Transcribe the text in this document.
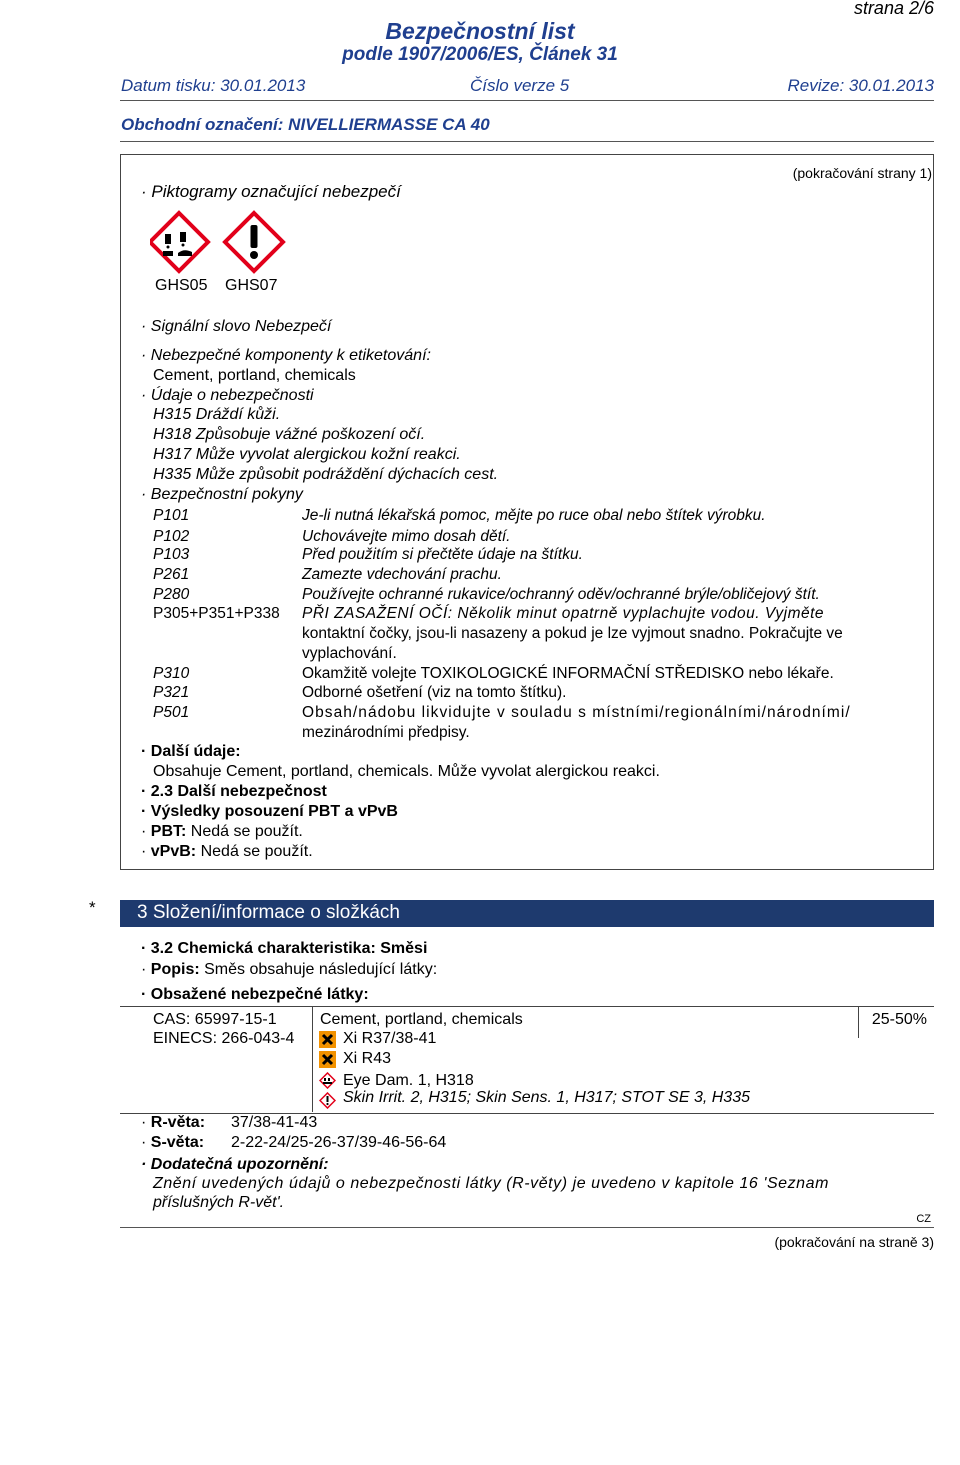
strana 2/6
Bezpečnostní list
podle 1907/2006/ES, Článek 31
Datum tisku: 30.01.2013	Číslo verze 5	Revize: 30.01.2013
Obchodní označení: NIVELLIERMASSE CA 40
(pokračování strany 1)
· Piktogramy označující nebezpečí
GHS05 GHS07
· Signální slovo Nebezpečí
· Nebezpečné komponenty k etiketování:
Cement, portland, chemicals
· Údaje o nebezpečnosti
H315 Dráždí kůži.
H318 Způsobuje vážné poškození očí.
H317 Může vyvolat alergickou kožní reakci.
H335 Může způsobit podráždění dýchacích cest.
· Bezpečnostní pokyny
P101	Je-li nutná lékařská pomoc, mějte po ruce obal nebo štítek výrobku.
P102	Uchovávejte mimo dosah dětí.
P103	Před použitím si přečtěte údaje na štítku.
P261	Zamezte vdechování prachu.
P280	Používejte ochranné rukavice/ochranný oděv/ochranné brýle/obličejový štít.
P305+P351+P338 PŘI ZASAŽENÍ OČÍ: Několik minut opatrně vyplachujte vodou. Vyjměte
kontaktní čočky, jsou-li nasazeny a pokud je lze vyjmout snadno. Pokračujte ve
vyplachování.
P310	Okamžitě volejte TOXIKOLOGICKÉ INFORMAČNÍ STŘEDISKO nebo lékaře.
P321	Odborné ošetření (viz na tomto štítku).
P501	Obsah/nádobu likvidujte v souladu s místními/regionálními/národními/
mezinárodními předpisy.
· Další údaje:
Obsahuje Cement, portland, chemicals. Může vyvolat alergickou reakci.
· 2.3 Další nebezpečnost
· Výsledky posouzení PBT a vPvB
· PBT: Nedá se použít.
· vPvB: Nedá se použít.
* 3 Složení/informace o složkách
· 3.2 Chemická charakteristika: Směsi
· Popis: Směs obsahuje následující látky:
· Obsažené nebezpečné látky:
CAS: 65997-15-1
EINECS: 266-043-4
Cement, portland, chemicals	25-50%
Xi R37/38-41
Xi R43
Eye Dam. 1, H318
Skin Irrit. 2, H315; Skin Sens. 1, H317; STOT SE 3, H335
· R-věta: 37/38-41-43
· S-věta: 2-22-24/25-26-37/39-46-56-64
· Dodatečná upozornění:
Znění uvedených údajů o nebezpečnosti látky (R-věty) je uvedeno v kapitole 16 'Seznam
příslušných R-vět'.
CZ
(pokračování na straně 3)
